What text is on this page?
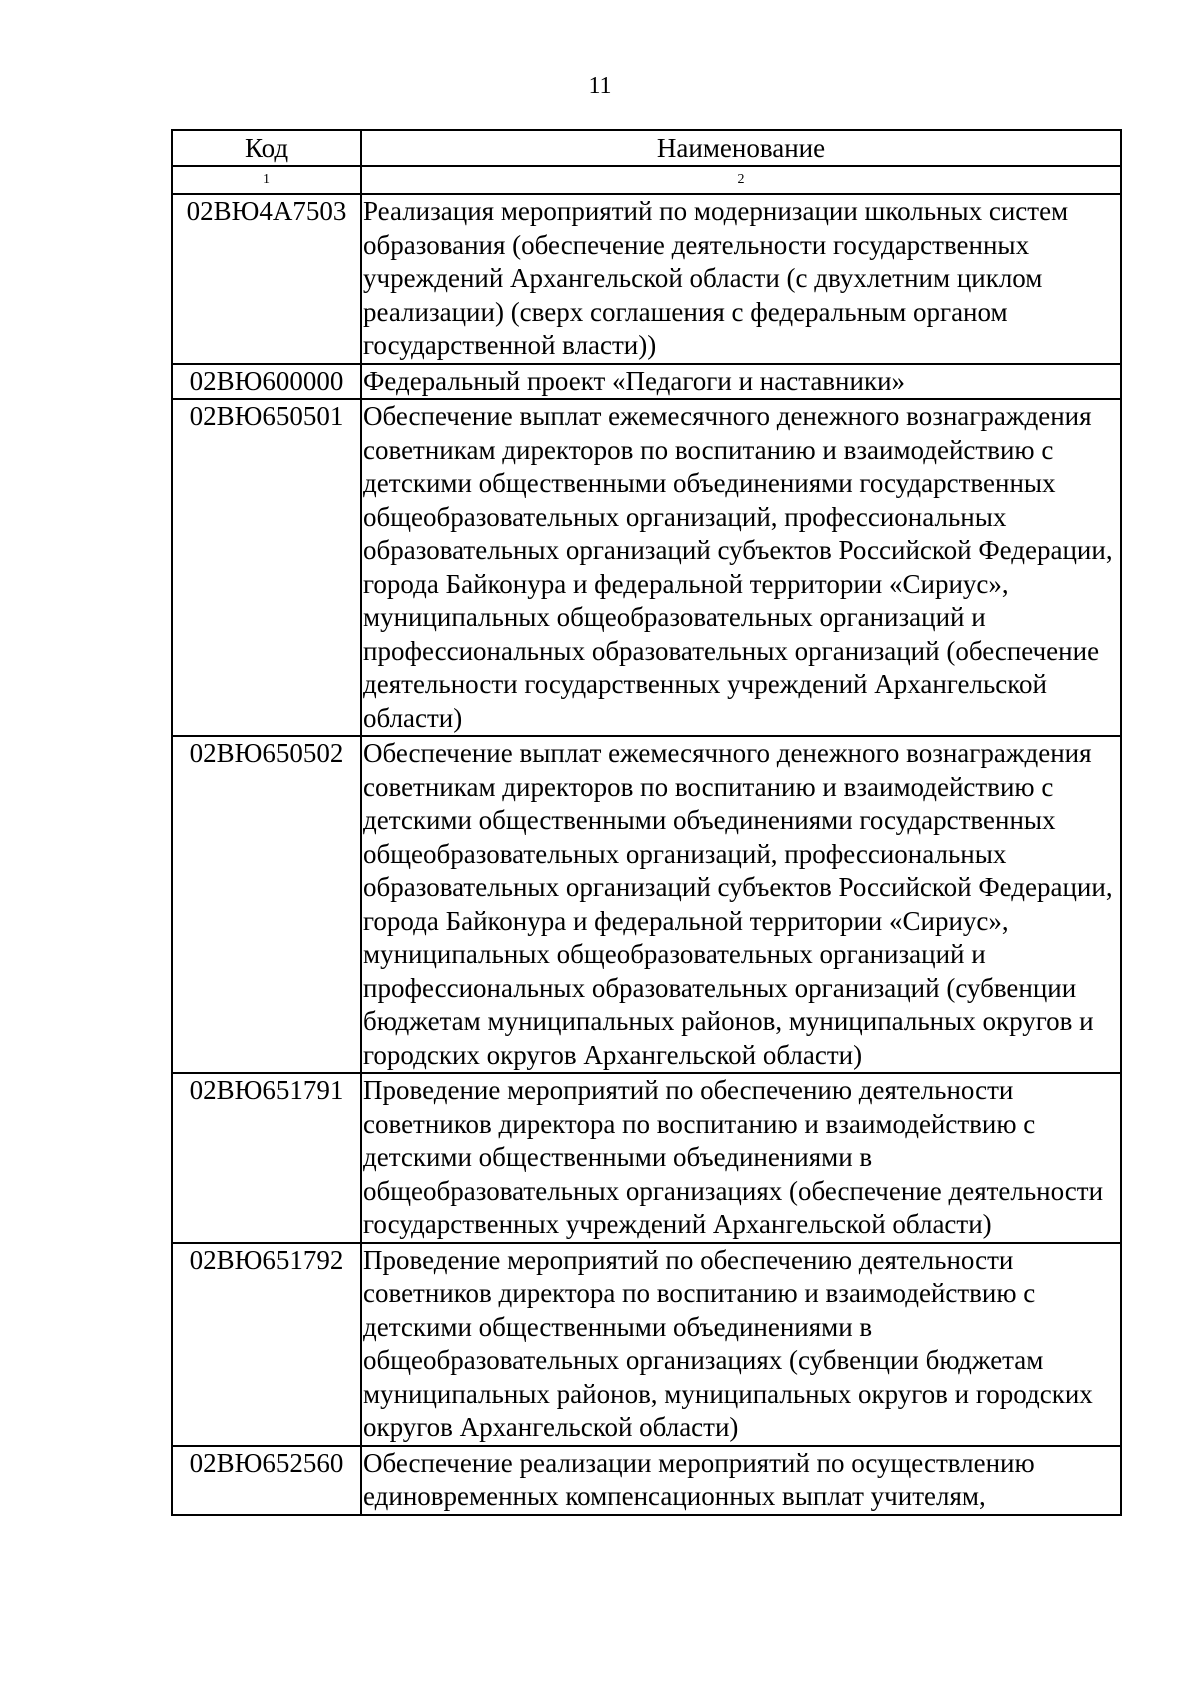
11
Код	Наименование
1	2
02ВЮ4А7503	Реализация мероприятий по модернизации школьных систем образования (обеспечение деятельности государственных учреждений Архангельской области (с двухлетним циклом реализации) (сверх соглашения с федеральным органом государственной власти))
02ВЮ600000	Федеральный проект «Педагоги и наставники»
02ВЮ650501	Обеспечение выплат ежемесячного денежного вознаграждения советникам директоров по воспитанию и взаимодействию с детскими общественными объединениями государственных общеобразовательных организаций, профессиональных образовательных организаций субъектов Российской Федерации, города Байконура и федеральной территории «Сириус», муниципальных общеобразовательных организаций и профессиональных образовательных организаций (обеспечение деятельности государственных учреждений Архангельской области)
02ВЮ650502	Обеспечение выплат ежемесячного денежного вознаграждения советникам директоров по воспитанию и взаимодействию с детскими общественными объединениями государственных общеобразовательных организаций, профессиональных образовательных организаций субъектов Российской Федерации, города Байконура и федеральной территории «Сириус», муниципальных общеобразовательных организаций и профессиональных образовательных организаций (субвенции бюджетам муниципальных районов, муниципальных округов и городских округов Архангельской области)
02ВЮ651791	Проведение мероприятий по обеспечению деятельности советников директора по воспитанию и взаимодействию с детскими общественными объединениями в общеобразовательных организациях (обеспечение деятельности государственных учреждений Архангельской области)
02ВЮ651792	Проведение мероприятий по обеспечению деятельности советников директора по воспитанию и взаимодействию с детскими общественными объединениями в общеобразовательных организациях (субвенции бюджетам муниципальных районов, муниципальных округов и городских округов Архангельской области)
02ВЮ652560	Обеспечение реализации мероприятий по осуществлению единовременных компенсационных выплат учителям,
